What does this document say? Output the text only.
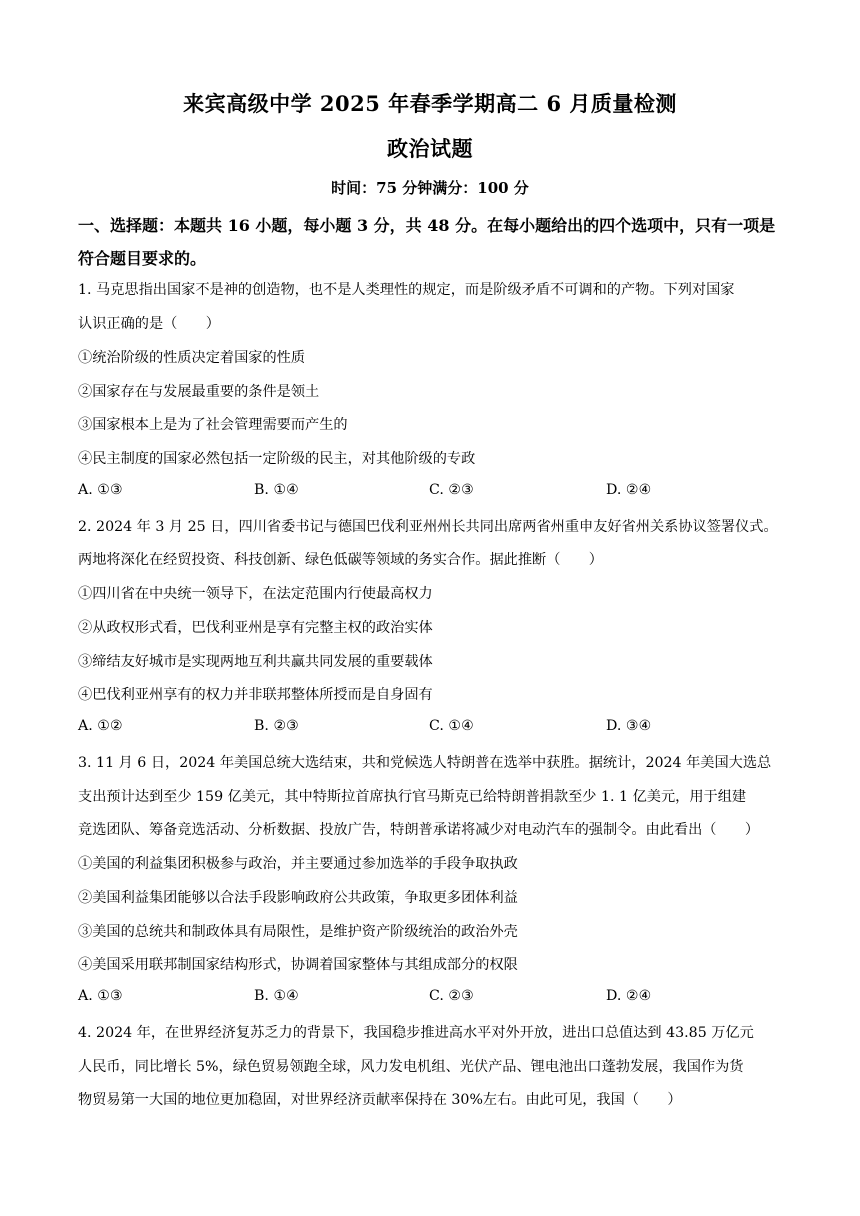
来宾高级中学 2025 年春季学期高二 6 月质量检测
政治试题
时间：75 分钟满分：100 分
一、选择题：本题共 16 小题，每小题 3 分，共 48 分。在每小题给出的四个选项中，只有一项是符合题目要求的。
1. 马克思指出国家不是神的创造物，也不是人类理性的规定，而是阶级矛盾不可调和的产物。下列对国家
认识正确的是（　　）
①统治阶级的性质决定着国家的性质
②国家存在与发展最重要的条件是领土
③国家根本上是为了社会管理需要而产生的
④民主制度的国家必然包括一定阶级的民主，对其他阶级的专政
A. ①③	B. ①④	C. ②③	D. ②④
2. 2024 年 3 月 25 日，四川省委书记与德国巴伐利亚州州长共同出席两省州重申友好省州关系协议签署仪式。
两地将深化在经贸投资、科技创新、绿色低碳等领域的务实合作。据此推断（　　）
①四川省在中央统一领导下，在法定范围内行使最高权力
②从政权形式看，巴伐利亚州是享有完整主权的政治实体
③缔结友好城市是实现两地互利共赢共同发展的重要载体
④巴伐利亚州享有的权力并非联邦整体所授而是自身固有
A. ①②	B. ②③	C. ①④	D. ③④
3. 11 月 6 日，2024 年美国总统大选结束，共和党候选人特朗普在选举中获胜。据统计，2024 年美国大选总
支出预计达到至少 159 亿美元，其中特斯拉首席执行官马斯克已给特朗普捐款至少 1. 1 亿美元，用于组建
竞选团队、筹备竞选活动、分析数据、投放广告，特朗普承诺将减少对电动汽车的强制令。由此看出（　　）
①美国的利益集团积极参与政治，并主要通过参加选举的手段争取执政
②美国利益集团能够以合法手段影响政府公共政策，争取更多团体利益
③美国的总统共和制政体具有局限性，是维护资产阶级统治的政治外壳
④美国采用联邦制国家结构形式，协调着国家整体与其组成部分的权限
A. ①③	B. ①④	C. ②③	D. ②④
4. 2024 年，在世界经济复苏乏力的背景下，我国稳步推进高水平对外开放，进出口总值达到 43.85 万亿元
人民币，同比增长 5%，绿色贸易领跑全球，风力发电机组、光伏产品、锂电池出口蓬勃发展，我国作为货
物贸易第一大国的地位更加稳固，对世界经济贡献率保持在 30%左右。由此可见，我国（　　）
